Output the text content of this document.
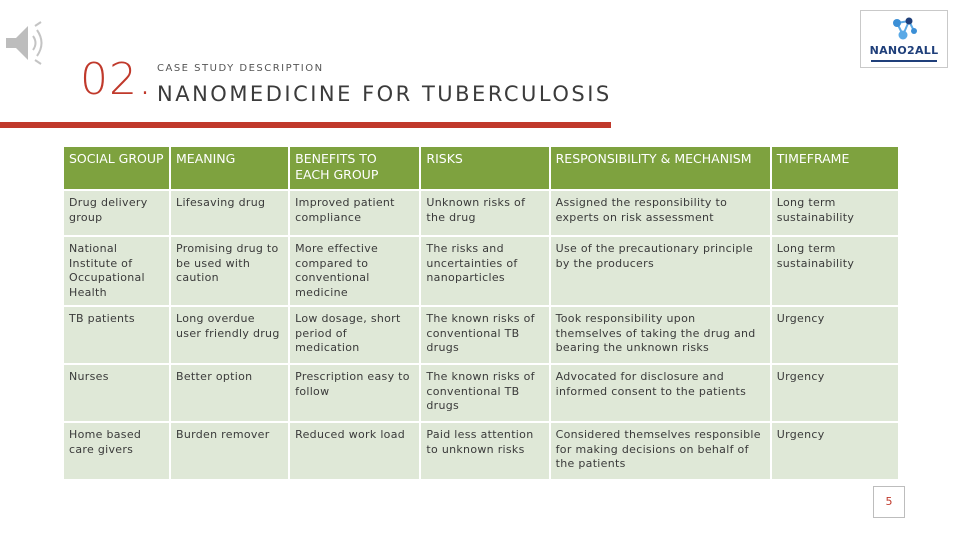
02. CASE STUDY DESCRIPTION
NANOMEDICINE FOR TUBERCULOSIS
NANO2ALL
SOCIAL GROUP	MEANING	BENEFITS TO EACH GROUP	RISKS	RESPONSIBILITY & MECHANISM	TIMEFRAME
Drug delivery group	Lifesaving drug	Improved patient compliance	Unknown risks of the drug	Assigned the responsibility to experts on risk assessment	Long term sustainability
National Institute of Occupational Health	Promising drug to be used with caution	More effective compared to conventional medicine	The risks and uncertainties of nanoparticles	Use of the precautionary principle by the producers	Long term sustainability
TB patients	Long overdue user friendly drug	Low dosage, short period of medication	The known risks of conventional TB drugs	Took responsibility upon themselves of taking the drug and bearing the unknown risks	Urgency
Nurses	Better option	Prescription easy to follow	The known risks of conventional TB drugs	Advocated for disclosure and informed consent to the patients	Urgency
Home based care givers	Burden remover	Reduced work load	Paid less attention to unknown risks	Considered themselves responsible for making decisions on behalf of the patients	Urgency
5
